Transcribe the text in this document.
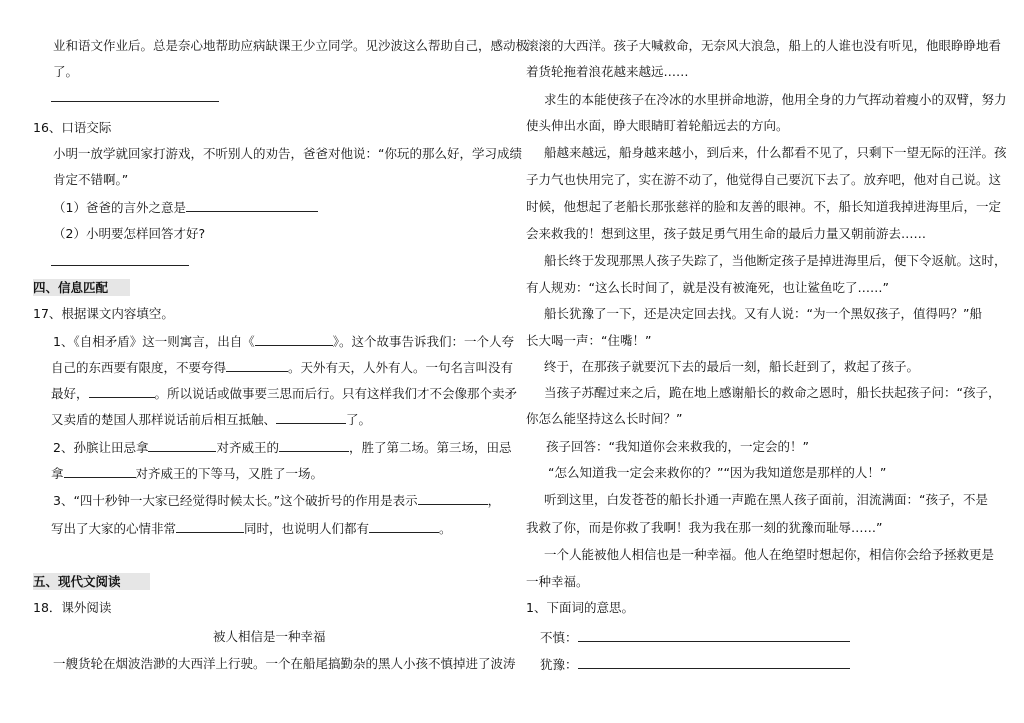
业和语文作业后。总是奈心地帮助应病缺课王少立同学。见沙波这么帮助自己，感动极
了。
16、口语交际
小明一放学就回家打游戏，不听别人的劝告，爸爸对他说：“你玩的那么好，学习成绩
肯定不错啊。”
（1）爸爸的言外之意是
（2）小明要怎样回答才好?
四、信息匹配
17、根据课文内容填空。
1、《自相矛盾》这一则寓言，出自《	》。这个故事告诉我们：一个人夸
自己的东西要有限度，不要夸得	。天外有天，人外有人。一句名言叫没有
最好，	。所以说话或做事要三思而后行。只有这样我们才不会像那个卖矛
又卖盾的楚国人那样说话前后相互抵触、	了。
2、孙膑让田忌拿	对齐威王的	，胜了第二场。第三场，田忌
拿	对齐威王的下等马，又胜了一场。
3、“四十秒钟一大家已经觉得时候太长。”这个破折号的作用是表示	，
写出了大家的心情非常	同时，也说明人们都有	。
五、现代文阅读
18．课外阅读
被人相信是一种幸福
一艘货轮在烟波浩渺的大西洋上行驶。一个在船尾搞勤杂的黑人小孩不慎掉进了波涛
滚滚的大西洋。孩子大喊救命，无奈风大浪急，船上的人谁也没有听见，他眼睁睁地看
着货轮拖着浪花越来越远……
求生的本能使孩子在冷冰的水里拼命地游，他用全身的力气挥动着瘦小的双臂，努力
使头伸出水面，睁大眼睛盯着轮船远去的方向。
船越来越远，船身越来越小，到后来，什么都看不见了，只剩下一望无际的汪洋。孩
子力气也快用完了，实在游不动了，他觉得自己要沉下去了。放弃吧，他对自己说。这
时候，他想起了老船长那张慈祥的脸和友善的眼神。不，船长知道我掉进海里后，一定
会来救我的！想到这里，孩子鼓足勇气用生命的最后力量又朝前游去……
船长终于发现那黑人孩子失踪了，当他断定孩子是掉进海里后，便下令返航。这时，
有人规劝：“这么长时间了，就是没有被淹死，也让鲨鱼吃了……”
船长犹豫了一下，还是决定回去找。又有人说：“为一个黑奴孩子，值得吗？”船
长大喝一声：“住嘴！”
终于，在那孩子就要沉下去的最后一刻，船长赶到了，救起了孩子。
当孩子苏醒过来之后，跪在地上感谢船长的救命之恩时，船长扶起孩子问：“孩子，
你怎么能坚持这么长时间？”
孩子回答：“我知道你会来救我的，一定会的！”
“怎么知道我一定会来救你的？”“因为我知道您是那样的人！”
听到这里，白发苍苍的船长扑通一声跪在黑人孩子面前，泪流满面：“孩子，不是
我救了你，而是你救了我啊！我为我在那一刻的犹豫而耻辱……”
一个人能被他人相信也是一种幸福。他人在绝望时想起你，相信你会给予拯救更是
一种幸福。
1、下面词的意思。
不慎：
犹豫：
